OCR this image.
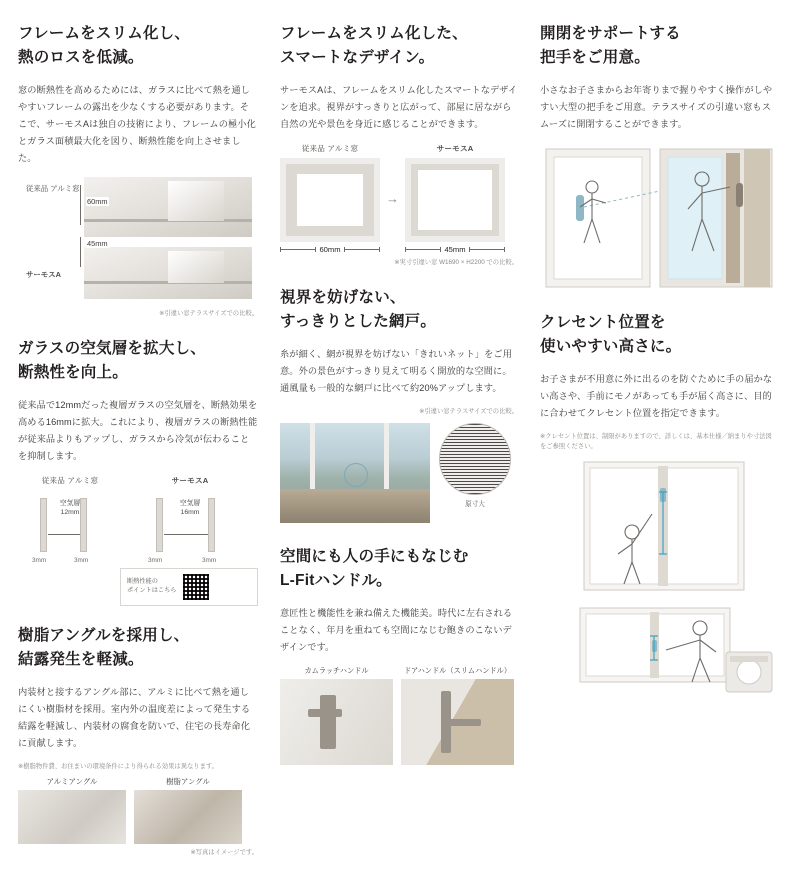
フレームをスリム化し、
熱のロスを低減。

窓の断熱性を高めるためには、ガラスに比べて熱を通しやすいフレームの露出を少なくする必要があります。そこで、サーモスAは独自の技術により、フレームの極小化とガラス面積最大化を図り、断熱性能を向上させました。

従来品 アルミ窓
サーモスA
60mm
45mm

※引違い窓テラスサイズでの比較。

ガラスの空気層を拡大し、
断熱性を向上。

従来品で12mmだった複層ガラスの空気層を、断熱効果を高める16mmに拡大。これにより、複層ガラスの断熱性能が従来品よりもアップし、ガラスから冷気が伝わることを抑制します。

従来品 アルミ窓
空気層
12mm
3mm	3mm
サーモスA
空気層
16mm
3mm	3mm
断熱性能の
ポイントはこちら
樹脂アングルを採用し、
結露発生を軽減。

内装材と接するアングル部に、アルミに比べて熱を通しにくい樹脂材を採用。室内外の温度差によって発生する結露を軽減し、内装材の腐食を防いで、住宅の長寿命化に貢献します。

※樹脂物件費、お住まいの環境条件により得られる効果は異なります。

アルミアングル	樹脂アングル

※写真はイメージです。

フレームをスリム化した、
スマートなデザイン。

サーモスAは、フレームをスリム化したスマートなデザインを追求。視界がすっきりと広がって、部屋に居ながら自然の光や景色を身近に感じることができます。

従来品 アルミ窓
60mm
→
サーモスA
45mm

※実寸引違い窓 W1690 × H2200 での比較。

視界を妨げない、
すっきりとした網戸。

糸が細く、網が視界を妨げない「きれいネット」をご用意。外の景色がすっきり見えて明るく開放的な空間に。通風量も一般的な網戸に比べて約20%アップします。

※引違い窓テラスサイズでの比較。

原寸大
空間にも人の手にもなじむ
L-Fitハンドル。

意匠性と機能性を兼ね備えた機能美。時代に左右されることなく、年月を重ねても空間になじむ飽きのこないデザインです。

カムラッチハンドル	ドアハンドル（スリムハンドル）
開閉をサポートする
把手をご用意。

小さなお子さまからお年寄りまで握りやすく操作がしやすい大型の把手をご用意。テラスサイズの引違い窓もスムーズに開閉することができます。

クレセント位置を
使いやすい高さに。

お子さまが不用意に外に出るのを防ぐために手の届かない高さや、手前にモノがあっても手が届く高さに、目的に合わせてクレセント位置を指定できます。

※クレセント位置は、制限がありますので、詳しくは、基本仕様／納まりや寸法図をご参照ください。
